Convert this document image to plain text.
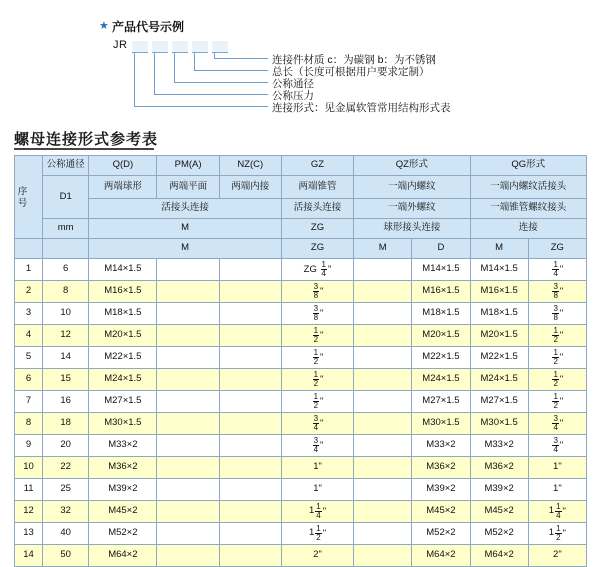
★ 产品代号示例
JR
连接件材质 c：为碳钢 b：为不锈钢
总长（长度可根据用户要求定制）
公称通径
公称压力
连接形式：见金属软管常用结构形式表
螺母连接形式参考表
序号	公称通径	Q(D)	PM(A)	NZ(C)	GZ	QZ形式		QG形式	
	D1	两端球形	两端平面	两端内接	两端锥管	一端内螺纹		一端内螺纹活接头	
		活接头连接			活接头连接	一端外螺纹		一端锥管螺纹接头	
	mm	M			ZG	球形接头连接		连接	
		M			ZG	M	D	M	ZG
1	6	M14×1.5			ZG $\frac{1}{4}$ "		M14×1.5	M14×1.5	$\frac{1}{4}$ "
2	8	M16×1.5			$\frac{3}{8}$ "		M16×1.5	M16×1.5	$\frac{3}{8}$ "
3	10	M18×1.5			$\frac{3}{8}$ "		M18×1.5	M18×1.5	$\frac{3}{8}$ "
4	12	M20×1.5			$\frac{1}{2}$ "		M20×1.5	M20×1.5	$\frac{1}{2}$ "
5	14	M22×1.5			$\frac{1}{2}$ "		M22×1.5	M22×1.5	$\frac{1}{2}$ "
6	15	M24×1.5			$\frac{1}{2}$ "		M24×1.5	M24×1.5	$\frac{1}{2}$ "
7	16	M27×1.5			$\frac{1}{2}$ "		M27×1.5	M27×1.5	$\frac{1}{2}$ "
8	18	M30×1.5			$\frac{3}{4}$ "		M30×1.5	M30×1.5	$\frac{3}{4}$ "
9	20	M33×2			$\frac{3}{4}$ "		M33×2	M33×2	$\frac{3}{4}$ "
10	22	M36×2			1"		M36×2	M36×2	1"
11	25	M39×2			1"		M39×2	M39×2	1"
12	32	M45×2			$1 \frac{1}{4}$ "		M45×2	M45×2	$1 \frac{1}{4}$ "
13	40	M52×2			$1 \frac{1}{2}$ "		M52×2	M52×2	$1 \frac{1}{2}$ "
14	50	M64×2			2"		M64×2	M64×2	2"
